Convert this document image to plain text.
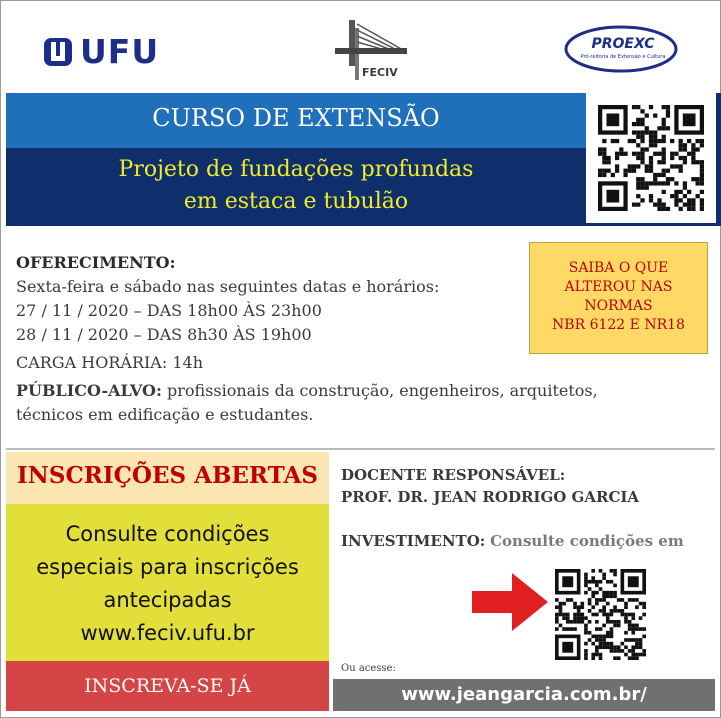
UFU
FECIV
PROEXC
Pró-reitoria de Extensão e Cultura
CURSO DE EXTENSÃO
Projeto de fundações profundas
em estaca e tubulão
OFERECIMENTO:
Sexta-feira e sábado nas seguintes datas e horários:
27 / 11 / 2020 – DAS 18h00 ÀS 23h00
28 / 11 / 2020 – DAS 8h30 ÀS 19h00
CARGA HORÁRIA: 14h
SAIBA O QUE
ALTEROU NAS
NORMAS
NBR 6122 E NR18
PÚBLICO-ALVO: profissionais da construção, engenheiros, arquitetos,
técnicos em edificação e estudantes.
INSCRIÇÕES ABERTAS
Consulte condições
especiais para inscrições
antecipadas
www.feciv.ufu.br
INSCREVA-SE JÁ
DOCENTE RESPONSÁVEL:
PROF. DR. JEAN RODRIGO GARCIA
INVESTIMENTO: Consulte condições em
Ou acesse:
www.jeangarcia.com.br/
